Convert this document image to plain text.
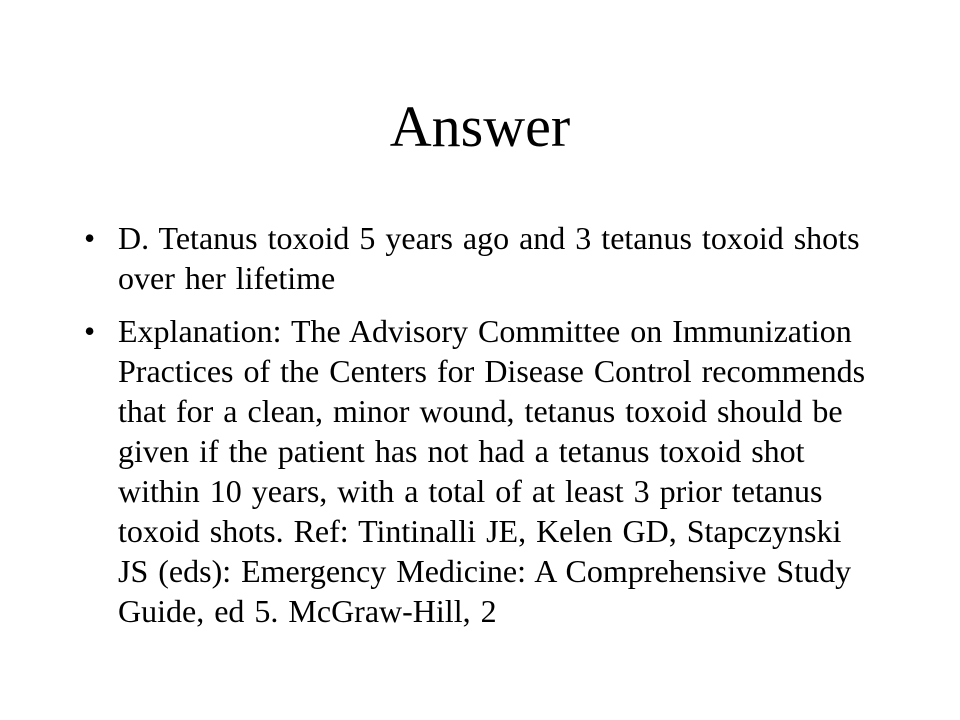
Answer
• D. Tetanus toxoid 5 years ago and 3 tetanus toxoid shots over her lifetime
• Explanation: The Advisory Committee on Immunization Practices of the Centers for Disease Control recommends that for a clean, minor wound, tetanus toxoid should be given if the patient has not had a tetanus toxoid shot within 10 years, with a total of at least 3 prior tetanus toxoid shots. Ref: Tintinalli JE, Kelen GD, Stapczynski JS (eds): Emergency Medicine: A Comprehensive Study Guide, ed 5. McGraw-Hill, 2
